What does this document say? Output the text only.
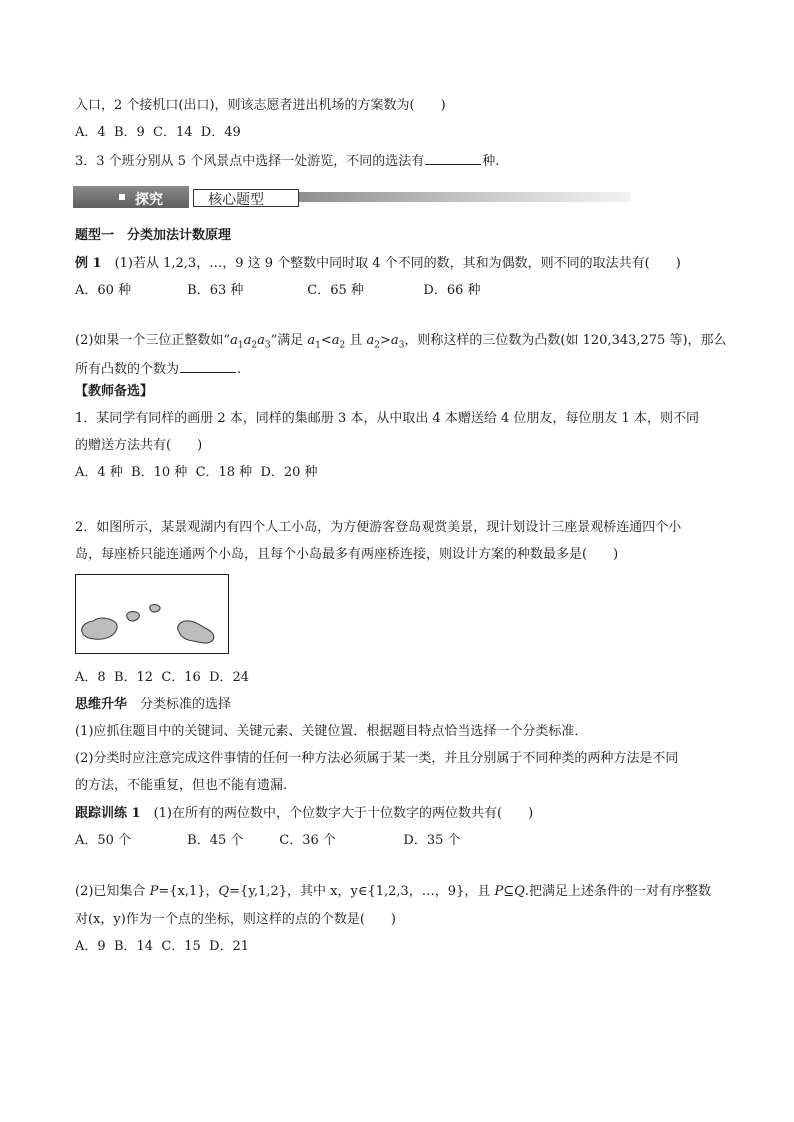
入口，2 个接机口(出口)，则该志愿者进出机场的方案数为(　　)
A．4 B．9 C．14 D．49
3．3 个班分别从 5 个风景点中选择一处游览，不同的选法有	种.
探究	核心题型
题型一　分类加法计数原理
例 1　(1)若从 1,2,3，…，9 这 9 个整数中同时取 4 个不同的数，其和为偶数，则不同的取法共有(　　)
A．60 种	B．63 种	C．65 种	D．66 种
(2)如果一个三位正整数如“$a_1a_2a_3$”满足 $a_1<a_2$ 且 $a_2>a_3$，则称这样的三位数为凸数(如 120,343,275 等)，那么
所有凸数的个数为	.
【教师备选】
1．某同学有同样的画册 2 本，同样的集邮册 3 本，从中取出 4 本赠送给 4 位朋友，每位朋友 1 本，则不同
的赠送方法共有(　　)
A．4 种 B．10 种 C．18 种 D．20 种
2．如图所示，某景观湖内有四个人工小岛，为方便游客登岛观赏美景，现计划设计三座景观桥连通四个小
岛，每座桥只能连通两个小岛，且每个小岛最多有两座桥连接，则设计方案的种数最多是(　　)
A．8 B．12 C．16 D．24
思维升华　分类标准的选择
(1)应抓住题目中的关键词、关键元素、关键位置．根据题目特点恰当选择一个分类标准．
(2)分类时应注意完成这件事情的任何一种方法必须属于某一类，并且分别属于不同种类的两种方法是不同
的方法，不能重复，但也不能有遗漏.
跟踪训练 1　(1)在所有的两位数中，个位数字大于十位数字的两位数共有(　　)
A．50 个	B．45 个	C．36 个	D．35 个
(2)已知集合 P={x,1}，Q={y,1,2}，其中 x，y∈{1,2,3，…，9}，且 P⊆Q.把满足上述条件的一对有序整数
对(x，y)作为一个点的坐标，则这样的点的个数是(　　)
A．9 B．14 C．15 D．21
